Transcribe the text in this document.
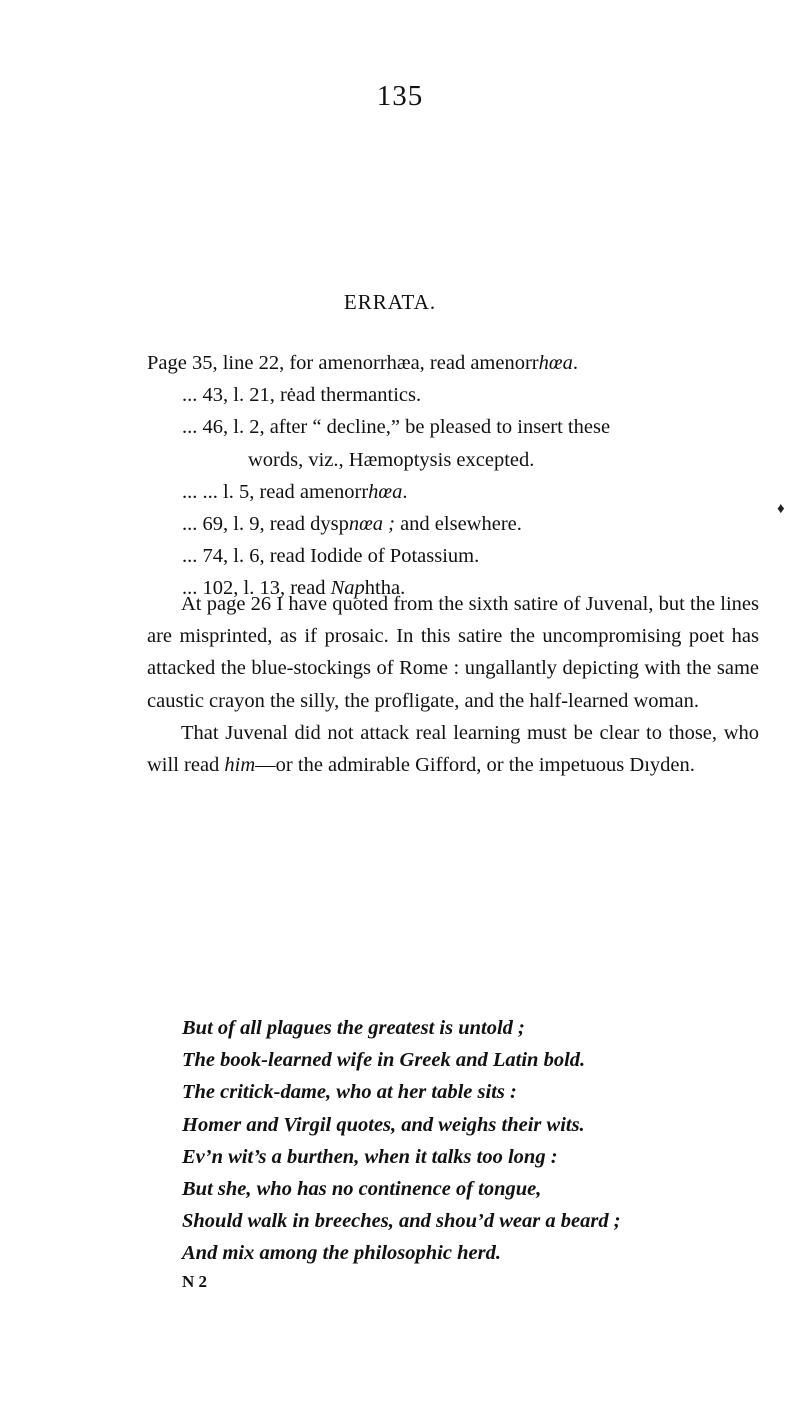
135
ERRATA.
Page 35, line 22, for amenorrhæa, read amenorrhœa.
... 43, l. 21, rėad thermantics.
... 46, l. 2, after “ decline,” be pleased to insert these
words, viz., Hæmoptysis excepted.
... ... l. 5, read amenorrhœa.
... 69, l. 9, read dyspnœa ; and elsewhere.
... 74, l. 6, read Iodide of Potassium.
... 102, l. 13, read Naphtha.
♦

At page 26 I have quoted from the sixth satire of Juvenal, but the lines are misprinted, as if prosaic. In this satire the uncompromising poet has attacked the blue-stockings of Rome : ungallantly depicting with the same caustic crayon the silly, the profligate, and the half-learned woman.

That Juvenal did not attack real learning must be clear to those, who will read him—or the admirable Gifford, or the impetuous Dıyden.

But of all plagues the greatest is untold ;
The book-learned wife in Greek and Latin bold.
The critick-dame, who at her table sits :
Homer and Virgil quotes, and weighs their wits.
Ev’n wit’s a burthen, when it talks too long :
But she, who has no continence of tongue,
Should walk in breeches, and shou’d wear a beard ;
And mix among the philosophic herd.
N 2
